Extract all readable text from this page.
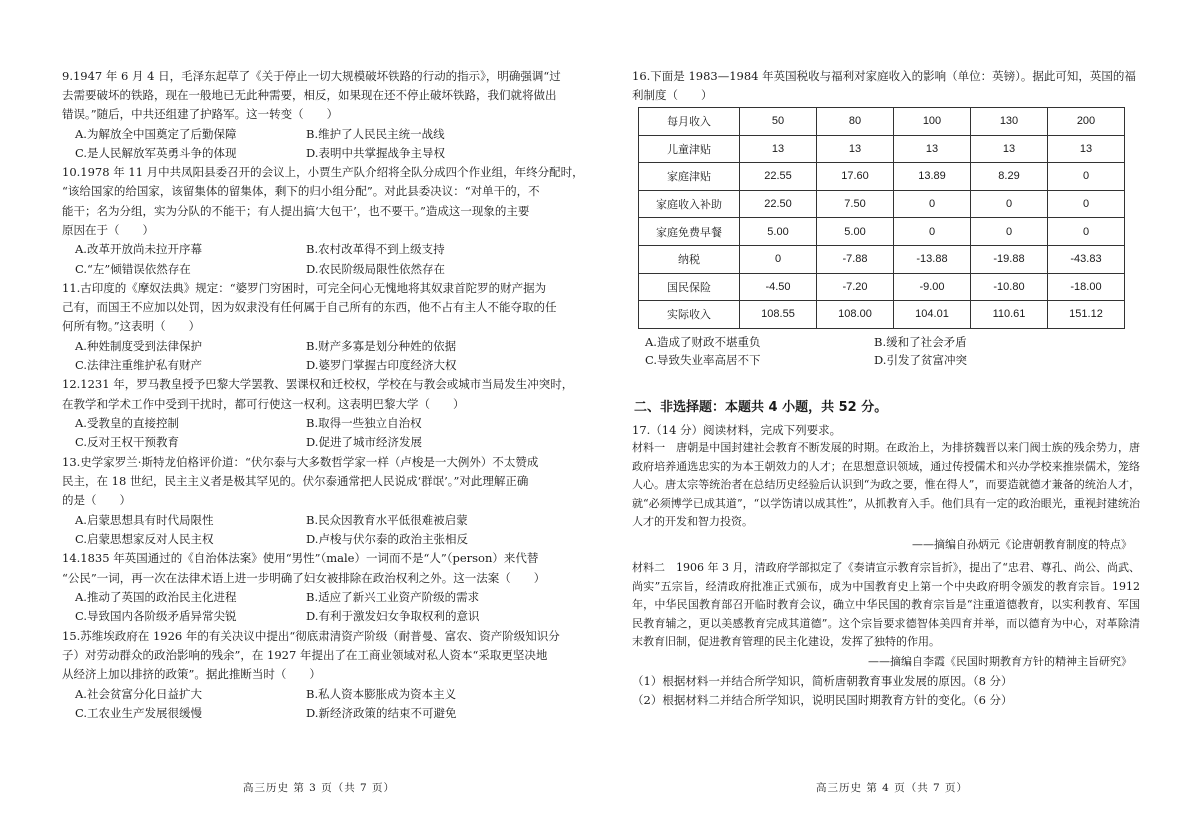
9.1947 年 6 月 4 日，毛泽东起草了《关于停止一切大规模破坏铁路的行动的指示》，明确强调“过
去需要破坏的铁路，现在一般地已无此种需要，相反，如果现在还不停止破坏铁路，我们就将做出
错误。”随后，中共还组建了护路军。这一转变（　　）
A.为解放全中国奠定了后勤保障	B.维护了人民民主统一战线
C.是人民解放军英勇斗争的体现	D.表明中共掌握战争主导权
10.1978 年 11 月中共凤阳县委召开的会议上，小贾生产队介绍将全队分成四个作业组，年终分配时，
“该给国家的给国家，该留集体的留集体，剩下的归小组分配”。对此县委决议：“对单干的，不
能干；名为分组，实为分队的不能干；有人提出搞‘大包干’，也不要干。”造成这一现象的主要
原因在于（　　）
A.改革开放尚未拉开序幕	B.农村改革得不到上级支持
C.“左”倾错误依然存在	D.农民阶级局限性依然存在
11.古印度的《摩奴法典》规定：“婆罗门穷困时，可完全问心无愧地将其奴隶首陀罗的财产据为
己有，而国王不应加以处罚，因为奴隶没有任何属于自己所有的东西，他不占有主人不能夺取的任
何所有物。”这表明（　　）
A.种姓制度受到法律保护	B.财产多寡是划分种姓的依据
C.法律注重维护私有财产	D.婆罗门掌握古印度经济大权
12.1231 年，罗马教皇授予巴黎大学罢教、罢课权和迁校权，学校在与教会或城市当局发生冲突时，
在教学和学术工作中受到干扰时，都可行使这一权利。这表明巴黎大学（　　）
A.受教皇的直接控制	B.取得一些独立自治权
C.反对王权干预教育	D.促进了城市经济发展
13.史学家罗兰·斯特龙伯格评价道：“伏尔泰与大多数哲学家一样（卢梭是一大例外）不太赞成
民主，在 18 世纪，民主主义者是极其罕见的。伏尔泰通常把人民说成‘群氓’。”对此理解正确
的是（　　）
A.启蒙思想具有时代局限性	B.民众因教育水平低很难被启蒙
C.启蒙思想家反对人民主权	D.卢梭与伏尔泰的政治主张相反
14.1835 年英国通过的《自治体法案》使用“男性”（male）一词而不是“人”（person）来代替
“公民”一词，再一次在法律术语上进一步明确了妇女被排除在政治权利之外。这一法案（　　）
A.推动了英国的政治民主化进程	B.适应了新兴工业资产阶级的需求
C.导致国内各阶级矛盾异常尖锐	D.有利于激发妇女争取权利的意识
15.苏维埃政府在 1926 年的有关决议中提出“彻底肃清资产阶级（耐普曼、富农、资产阶级知识分
子）对劳动群众的政治影响的残余”，在 1927 年提出了在工商业领域对私人资本“采取更坚决地
从经济上加以排挤的政策”。据此推断当时（　　）
A.社会贫富分化日益扩大	B.私人资本膨胀成为资本主义
C.工农业生产发展很缓慢	D.新经济政策的结束不可避免
高三历史 第 3 页（共 7 页）
16.下面是 1983—1984 年英国税收与福利对家庭收入的影响（单位：英镑）。据此可知，英国的福
利制度（　　）
每月收入	50	80	100	130	200
儿童津贴	13	13	13	13	13
家庭津贴	22.55	17.60	13.89	8.29	0
家庭收入补助	22.50	7.50	0	0	0
家庭免费早餐	5.00	5.00	0	0	0
纳税	0	-7.88	-13.88	-19.88	-43.83
国民保险	-4.50	-7.20	-9.00	-10.80	-18.00
实际收入	108.55	108.00	104.01	110.61	151.12
A.造成了财政不堪重负	B.缓和了社会矛盾
C.导致失业率高居不下	D.引发了贫富冲突
二、非选择题：本题共 4 小题，共 52 分。
17.（14 分）阅读材料，完成下列要求。
材料一　唐朝是中国封建社会教育不断发展的时期。在政治上，为排挤魏晋以来门阀士族的残余势力，唐政府培养通选忠实的为本王朝效力的人才；在思想意识领域，通过传授儒术和兴办学校来推崇儒术，笼络人心。唐太宗等统治者在总结历史经验后认识到“为政之要，惟在得人”，而要造就德才兼备的统治人才，就“必须博学已成其道”，“以学饬请以成其性”，从抓教育入手。他们具有一定的政治眼光，重视封建统治人才的开发和智力投资。
——摘编自孙炳元《论唐朝教育制度的特点》
材料二　1906 年 3 月，清政府学部拟定了《奏请宣示教育宗旨折》，提出了“忠君、尊孔、尚公、尚武、尚实”五宗旨，经清政府批准正式颁布，成为中国教育史上第一个中央政府明令颁发的教育宗旨。1912 年，中华民国教育部召开临时教育会议，确立中华民国的教育宗旨是“注重道德教育，以实利教育、军国民教育辅之，更以美感教育完成其道德”。这个宗旨要求德智体美四育并举，而以德育为中心，对革除清末教育旧制，促进教育管理的民主化建设，发挥了独特的作用。
——摘编自李霞《民国时期教育方针的精神主旨研究》
（1）根据材料一并结合所学知识，简析唐朝教育事业发展的原因。（8 分）
（2）根据材料二并结合所学知识，说明民国时期教育方针的变化。（6 分）
高三历史 第 4 页（共 7 页）
